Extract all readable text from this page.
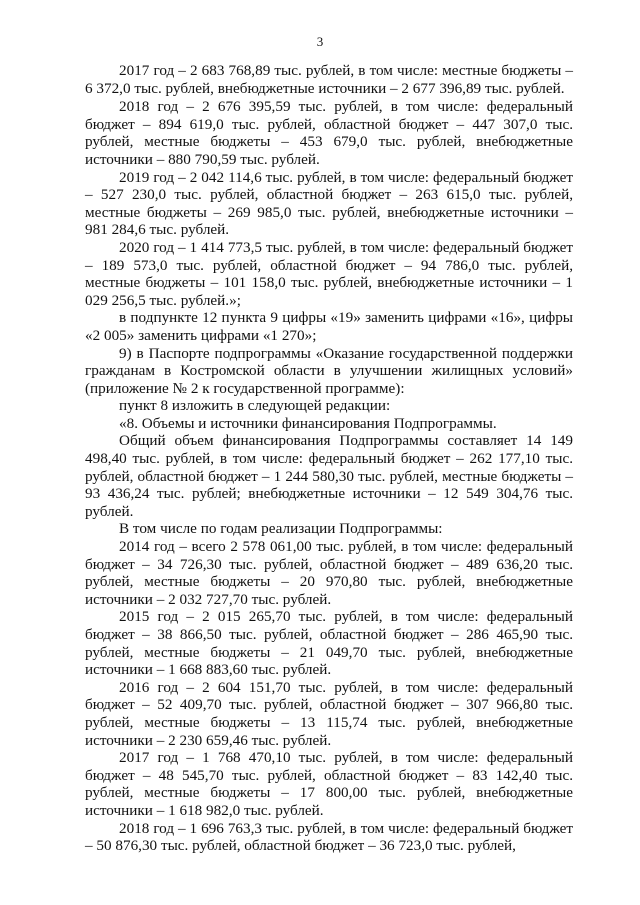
3

2017 год – 2 683 768,89 тыс. рублей, в том числе: местные бюджеты – 6 372,0 тыс. рублей, внебюджетные источники – 2 677 396,89 тыс. рублей.

2018 год – 2 676 395,59 тыс. рублей, в том числе: федеральный бюджет – 894 619,0 тыс. рублей, областной бюджет – 447 307,0 тыс. рублей, местные бюджеты – 453 679,0 тыс. рублей, внебюджетные источники – 880 790,59 тыс. рублей.

2019 год – 2 042 114,6 тыс. рублей, в том числе: федеральный бюджет – 527 230,0 тыс. рублей, областной бюджет – 263 615,0 тыс. рублей, местные бюджеты – 269 985,0 тыс. рублей, внебюджетные источники – 981 284,6 тыс. рублей.

2020 год – 1 414 773,5 тыс. рублей, в том числе: федеральный бюджет – 189 573,0 тыс. рублей, областной бюджет – 94 786,0 тыс. рублей, местные бюджеты – 101 158,0 тыс. рублей, внебюджетные источники – 1 029 256,5 тыс. рублей.»;

в подпункте 12 пункта 9 цифры «19» заменить цифрами «16», цифры «2 005» заменить цифрами «1 270»;

9) в Паспорте подпрограммы «Оказание государственной поддержки гражданам в Костромской области в улучшении жилищных условий» (приложение № 2 к государственной программе):

пункт 8 изложить в следующей редакции:

«8. Объемы и источники финансирования Подпрограммы.

Общий объем финансирования Подпрограммы составляет 14 149 498,40 тыс. рублей, в том числе: федеральный бюджет – 262 177,10 тыс. рублей, областной бюджет – 1 244 580,30 тыс. рублей, местные бюджеты – 93 436,24 тыс. рублей; внебюджетные источники – 12 549 304,76 тыс. рублей.

В том числе по годам реализации Подпрограммы:

2014 год – всего 2 578 061,00 тыс. рублей, в том числе: федеральный бюджет – 34 726,30 тыс. рублей, областной бюджет – 489 636,20 тыс. рублей, местные бюджеты – 20 970,80 тыс. рублей, внебюджетные источники – 2 032 727,70 тыс. рублей.

2015 год – 2 015 265,70 тыс. рублей, в том числе: федеральный бюджет – 38 866,50 тыс. рублей, областной бюджет – 286 465,90 тыс. рублей, местные бюджеты – 21 049,70 тыс. рублей, внебюджетные источники – 1 668 883,60 тыс. рублей.

2016 год – 2 604 151,70 тыс. рублей, в том числе: федеральный бюджет – 52 409,70 тыс. рублей, областной бюджет – 307 966,80 тыс. рублей, местные бюджеты – 13 115,74 тыс. рублей, внебюджетные источники – 2 230 659,46 тыс. рублей.

2017 год – 1 768 470,10 тыс. рублей, в том числе: федеральный бюджет – 48 545,70 тыс. рублей, областной бюджет – 83 142,40 тыс. рублей, местные бюджеты – 17 800,00 тыс. рублей, внебюджетные источники – 1 618 982,0 тыс. рублей.

2018 год – 1 696 763,3 тыс. рублей, в том числе: федеральный бюджет – 50 876,30 тыс. рублей, областной бюджет – 36 723,0 тыс. рублей,
